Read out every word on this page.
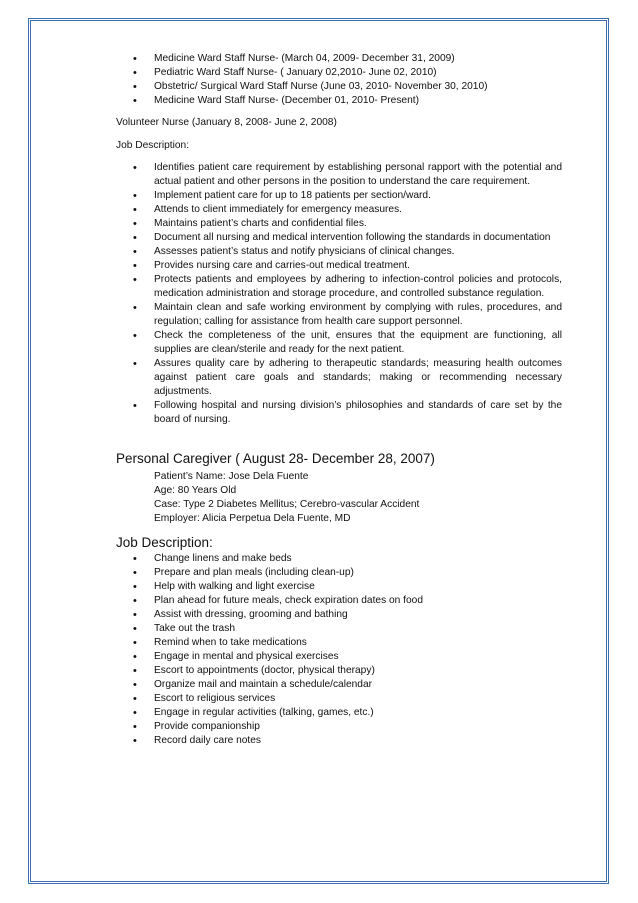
• Medicine Ward Staff Nurse- (March 04, 2009- December 31, 2009)
• Pediatric Ward Staff Nurse- ( January 02,2010- June 02, 2010)
• Obstetric/ Surgical Ward Staff Nurse (June 03, 2010- November 30, 2010)
• Medicine Ward Staff Nurse- (December 01, 2010- Present)

Volunteer Nurse (January 8, 2008- June 2, 2008)

Job Description:

• Identifies patient care requirement by establishing personal rapport with the potential and actual patient and other persons in the position to understand the care requirement.
• Implement patient care for up to 18 patients per section/ward.
• Attends to client immediately for emergency measures.
• Maintains patient’s charts and confidential files.
• Document all nursing and medical intervention following the standards in documentation
• Assesses patient’s status and notify physicians of clinical changes.
• Provides nursing care and carries-out medical treatment.
• Protects patients and employees by adhering to infection-control policies and protocols, medication administration and storage procedure, and controlled substance regulation.
• Maintain clean and safe working environment by complying with rules, procedures, and regulation; calling for assistance from health care support personnel.
• Check the completeness of the unit, ensures that the equipment are functioning, all supplies are clean/sterile and ready for the next patient.
• Assures quality care by adhering to therapeutic standards; measuring health outcomes against patient care goals and standards; making or recommending necessary adjustments.
• Following hospital and nursing division’s philosophies and standards of care set by the board of nursing.

Personal Caregiver ( August 28- December 28, 2007)

Patient’s Name: Jose Dela Fuente
Age: 80 Years Old
Case: Type 2 Diabetes Mellitus; Cerebro-vascular Accident
Employer: Alicia Perpetua Dela Fuente, MD

Job Description:

• Change linens and make beds
• Prepare and plan meals (including clean-up)
• Help with walking and light exercise
• Plan ahead for future meals, check expiration dates on food
• Assist with dressing, grooming and bathing
• Take out the trash
• Remind when to take medications
• Engage in mental and physical exercises
• Escort to appointments (doctor, physical therapy)
• Organize mail and maintain a schedule/calendar
• Escort to religious services
• Engage in regular activities (talking, games, etc.)
• Provide companionship
• Record daily care notes
